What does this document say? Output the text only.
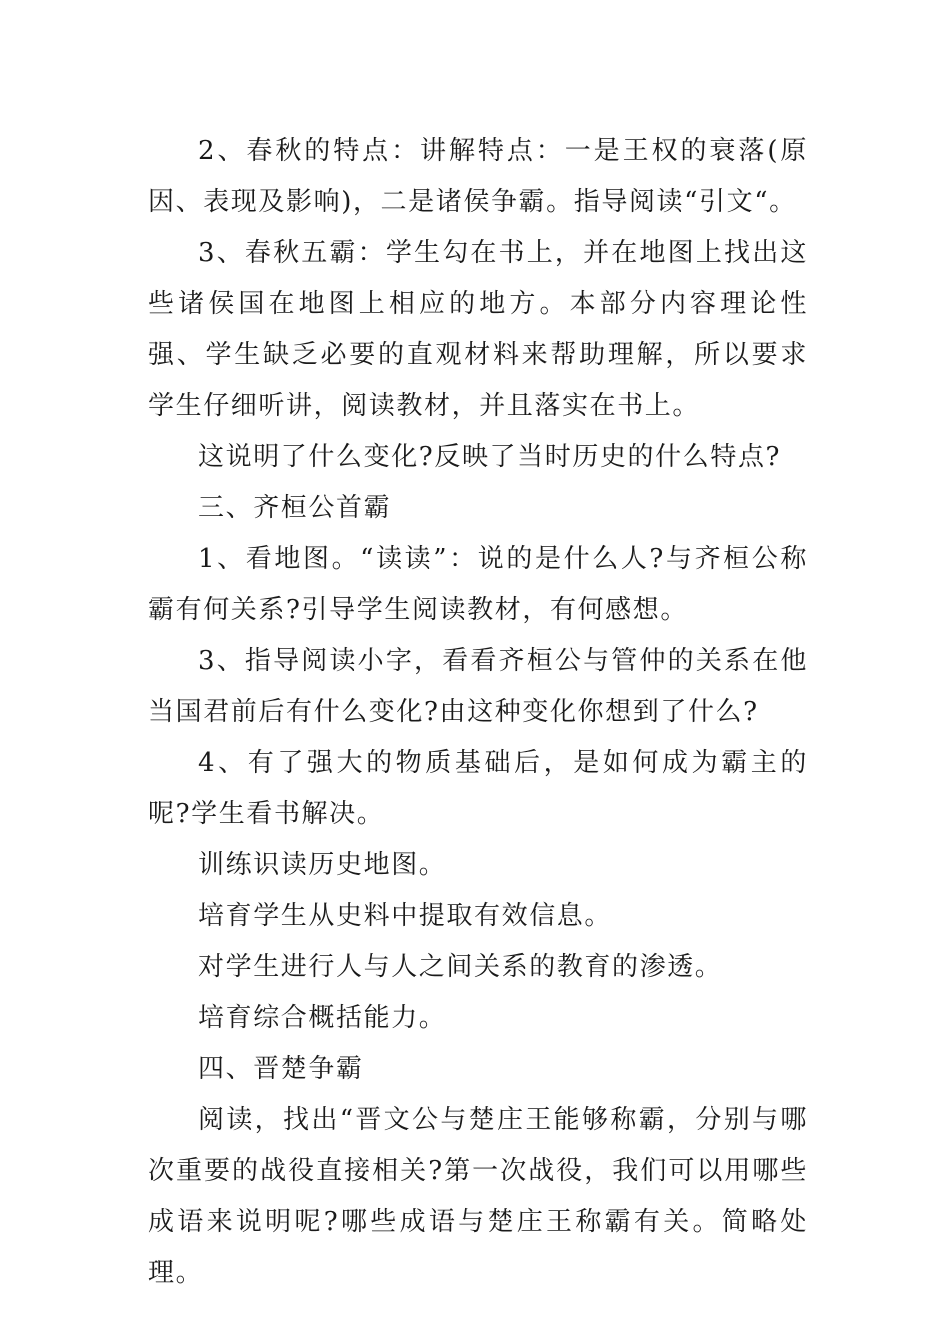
2、春秋的特点：讲解特点：一是王权的衰落(原因、表现及影响)，二是诸侯争霸。指导阅读“引文“。

3、春秋五霸：学生勾在书上，并在地图上找出这些诸侯国在地图上相应的地方。本部分内容理论性强、学生缺乏必要的直观材料来帮助理解，所以要求学生仔细听讲，阅读教材，并且落实在书上。

这说明了什么变化?反映了当时历史的什么特点?

三、齐桓公首霸

1、看地图。“读读”：说的是什么人?与齐桓公称霸有何关系?引导学生阅读教材，有何感想。

3、指导阅读小字，看看齐桓公与管仲的关系在他当国君前后有什么变化?由这种变化你想到了什么?

4、有了强大的物质基础后，是如何成为霸主的呢?学生看书解决。

训练识读历史地图。

培育学生从史料中提取有效信息。

对学生进行人与人之间关系的教育的渗透。

培育综合概括能力。

四、晋楚争霸

阅读，找出“晋文公与楚庄王能够称霸，分别与哪次重要的战役直接相关?第一次战役，我们可以用哪些成语来说明呢?哪些成语与楚庄王称霸有关。简略处理。
